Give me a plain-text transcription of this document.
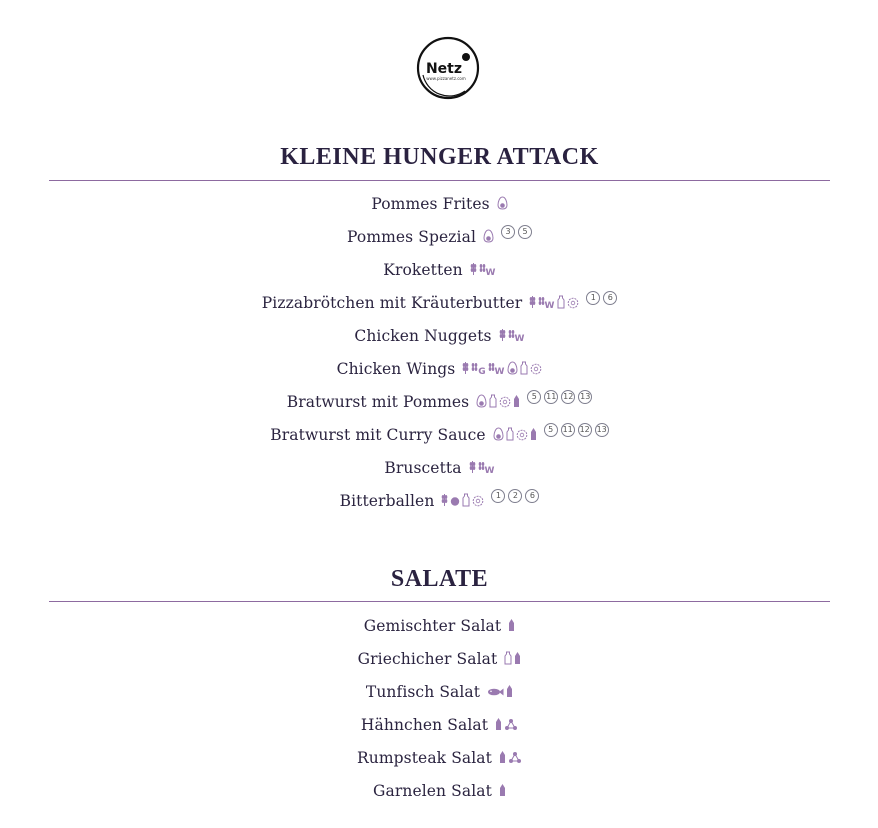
Netz
www.pizzanetz.com
KLEINE HUNGER ATTACK
Pommes Frites
Pommes Spezial	3	5
Kroketten	W
Pizzabrötchen mit Kräuterbutter	W
1	6
Chicken Nuggets	W
Chicken Wings	G W
Bratwurst mit Pommes	5	11 12 13
Bratwurst mit Curry Sauce	5	11 12 13
Bruscetta	W
Bitterballen	1	2	6
SALATE
Gemischter Salat
Griechicher Salat
Tunfisch Salat
Hähnchen Salat
Rumpsteak Salat
Garnelen Salat
